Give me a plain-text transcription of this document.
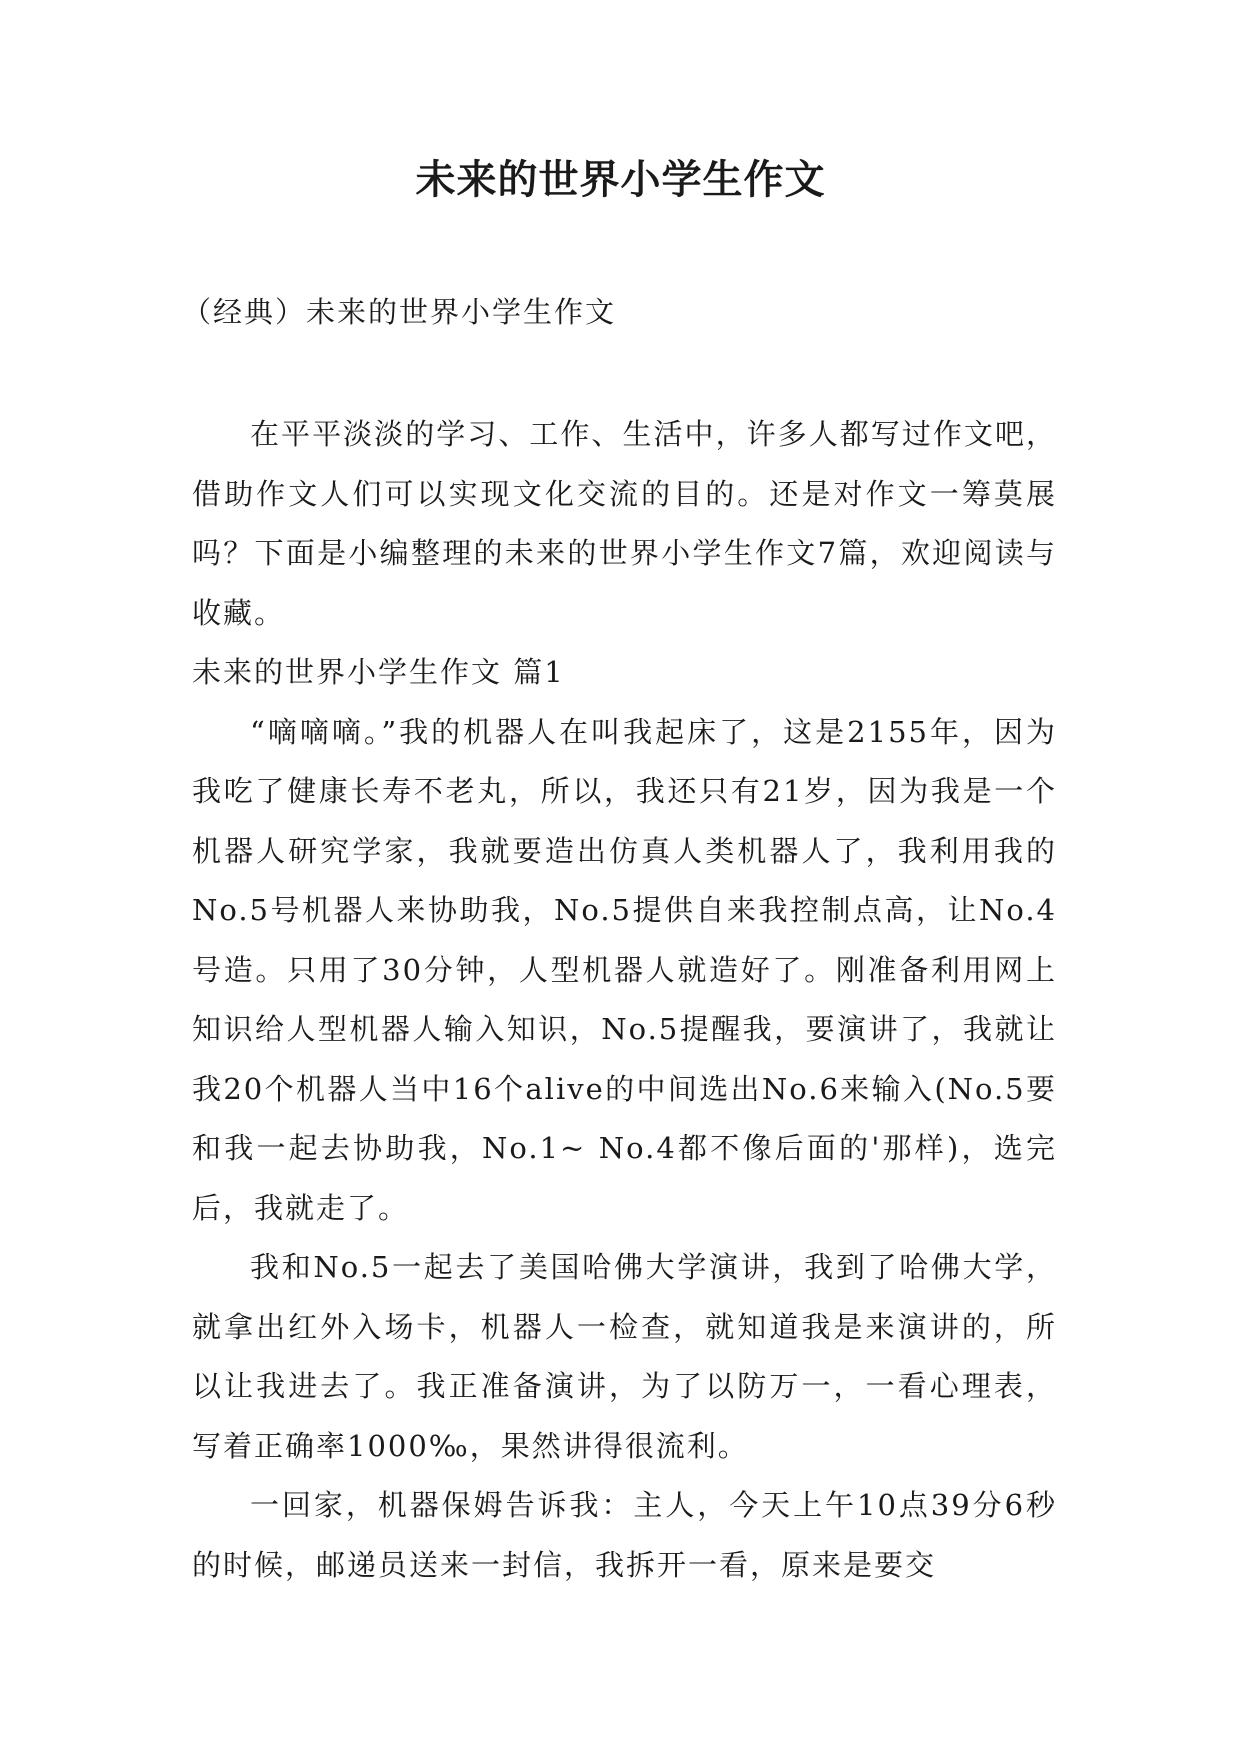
未来的世界小学生作文
（经典）未来的世界小学生作文

在平平淡淡的学习、工作、生活中，许多人都写过作文吧，借助作文人们可以实现文化交流的目的。还是对作文一筹莫展吗？下面是小编整理的未来的世界小学生作文7篇，欢迎阅读与收藏。

未来的世界小学生作文 篇1

“嘀嘀嘀。”我的机器人在叫我起床了，这是2155年，因为我吃了健康长寿不老丸，所以，我还只有21岁，因为我是一个机器人研究学家，我就要造出仿真人类机器人了，我利用我的No.5号机器人来协助我，No.5提供自来我控制点高，让No.4号造。只用了30分钟，人型机器人就造好了。刚准备利用网上知识给人型机器人输入知识，No.5提醒我，要演讲了，我就让我20个机器人当中16个alive的中间选出No.6来输入(No.5要和我一起去协助我，No.1~ No.4都不像后面的'那样)，选完后，我就走了。

我和No.5一起去了美国哈佛大学演讲，我到了哈佛大学，就拿出红外入场卡，机器人一检查，就知道我是来演讲的，所以让我进去了。我正准备演讲，为了以防万一，一看心理表，写着正确率1000‰，果然讲得很流利。

一回家，机器保姆告诉我：主人，今天上午10点39分6秒的时候，邮递员送来一封信，我拆开一看，原来是要交
